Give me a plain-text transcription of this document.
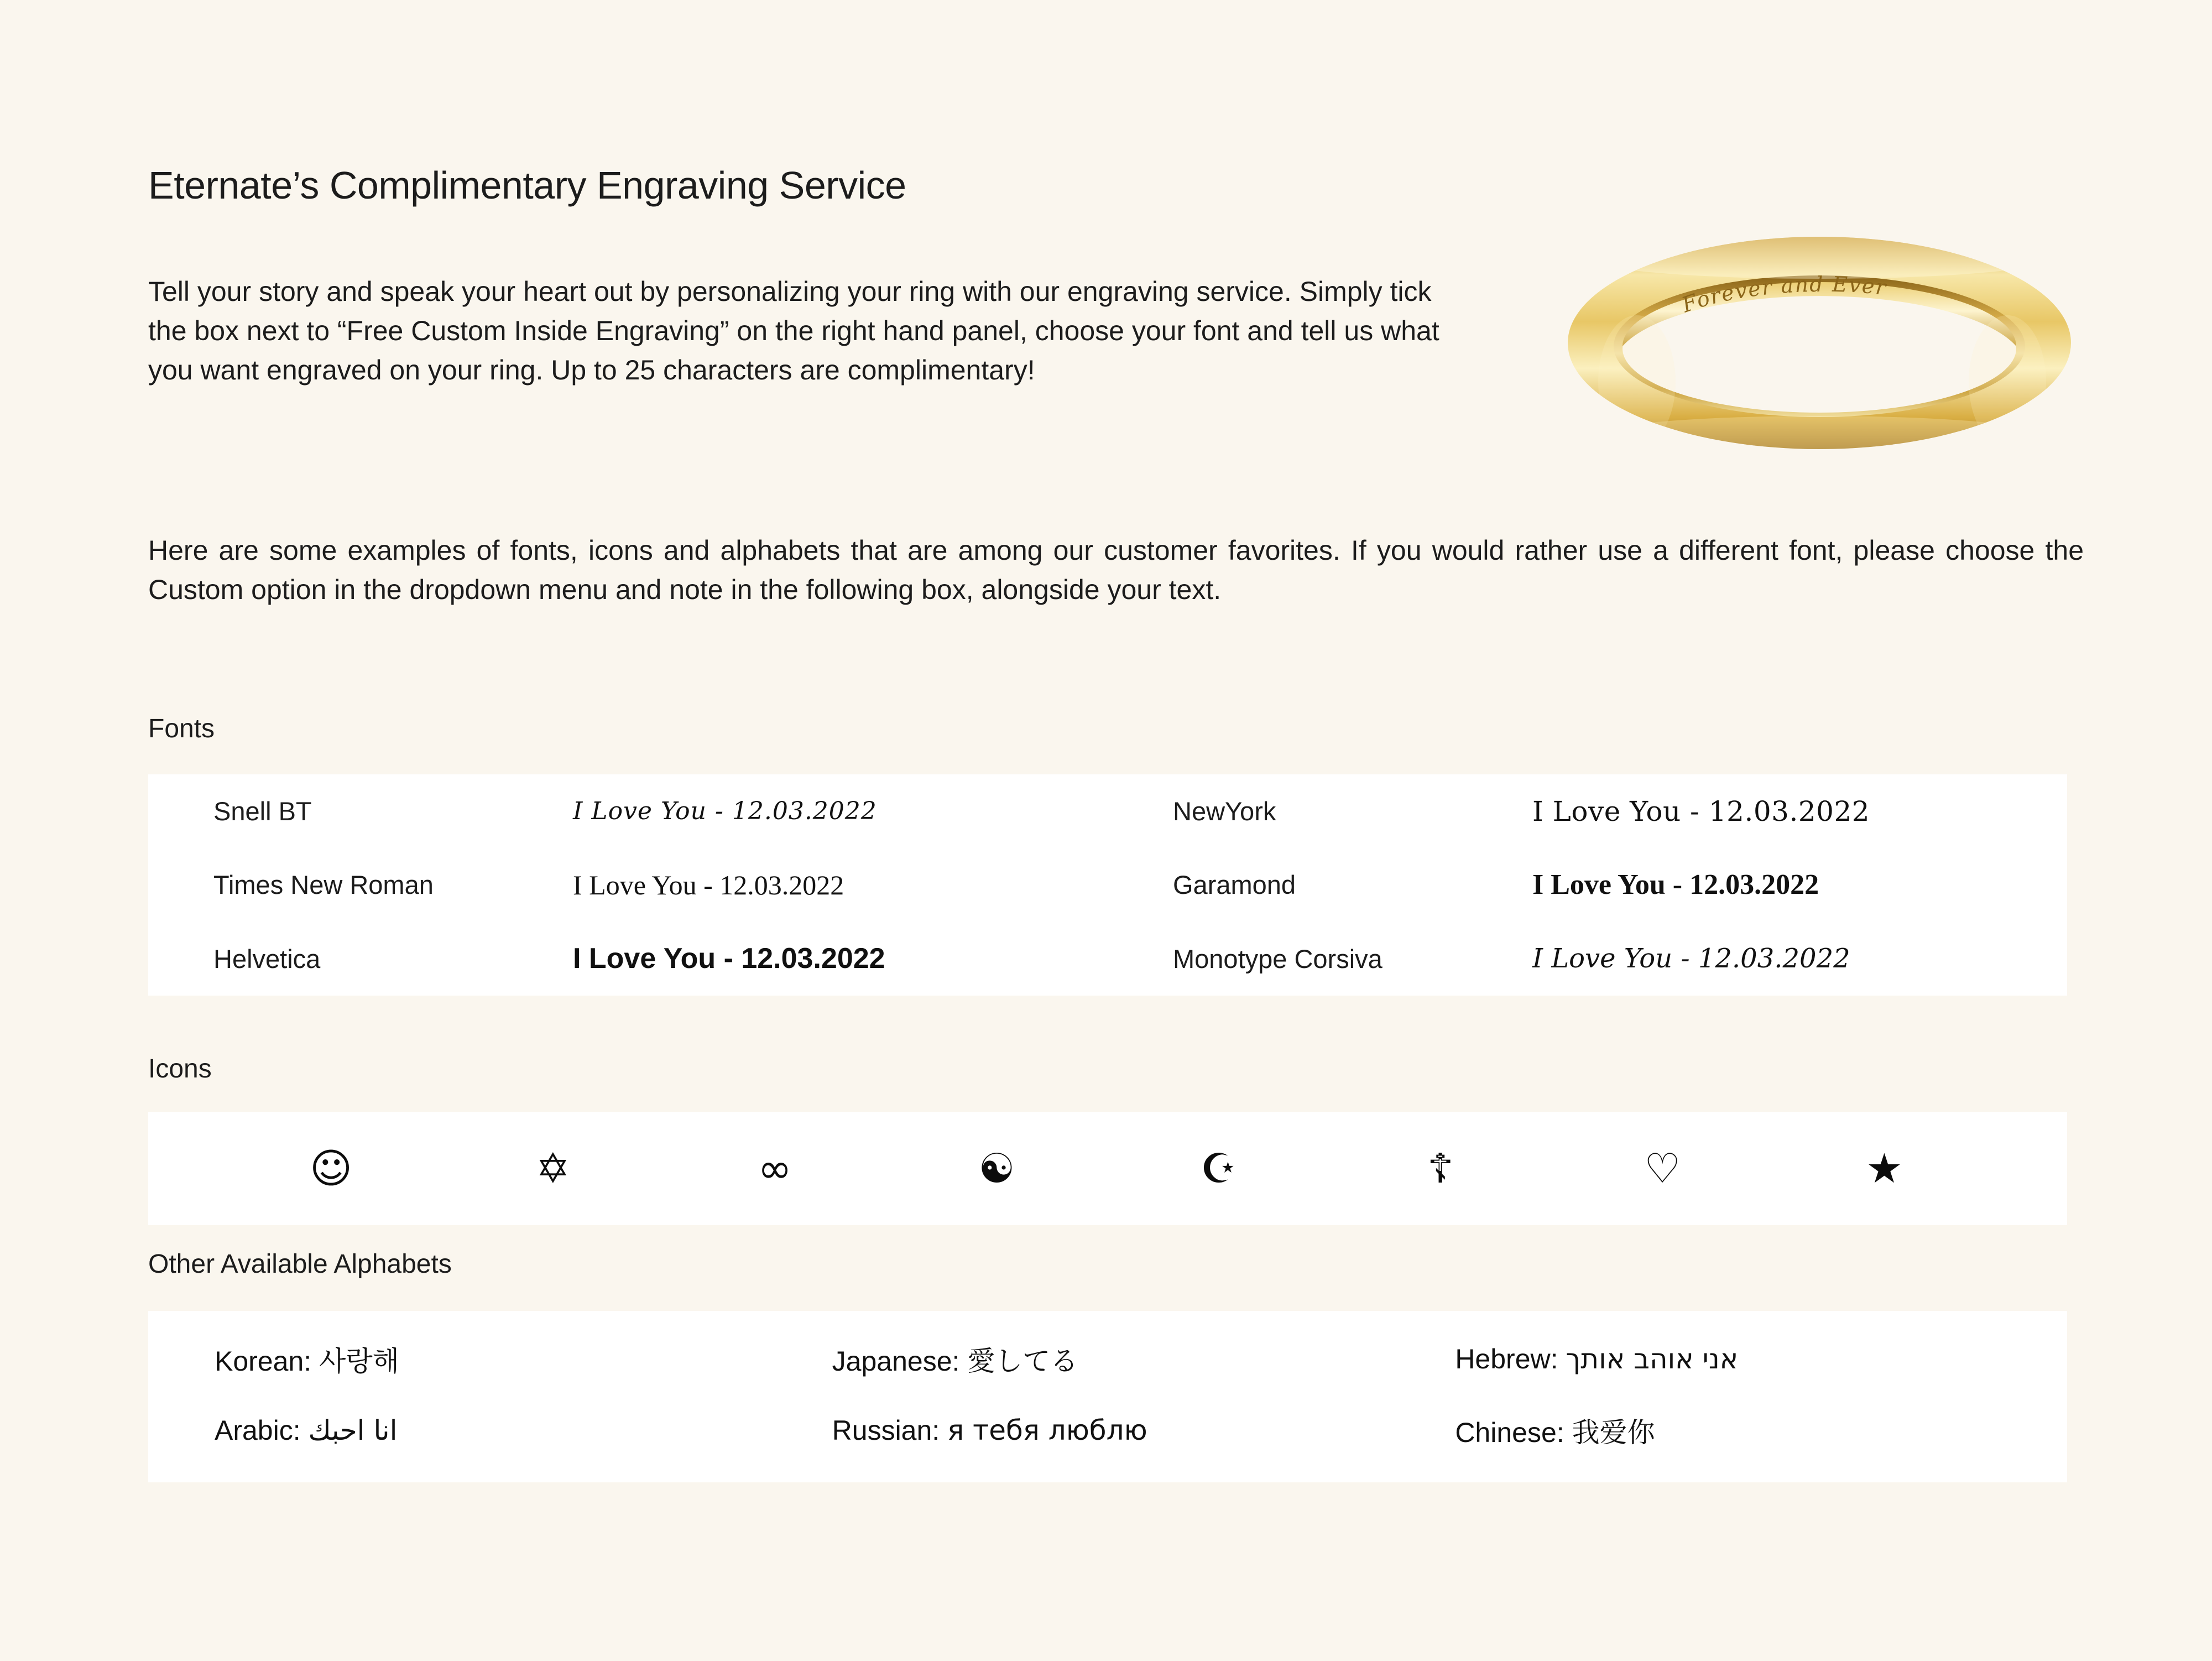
Eternate’s Complimentary Engraving Service

Tell your story and speak your heart out by personalizing your ring with our engraving service. Simply tick the box next to “Free Custom Inside Engraving” on the right hand panel, choose your font and tell us what you want engraved on your ring. Up to 25 characters are complimentary!

Here are some examples of fonts, icons and alphabets that are among our customer favorites. If you would rather use a different font, please choose the Custom option in the dropdown menu and note in the following box, alongside your text.

Forever and Ever
Fonts
Snell BT	I Love You - 12.03.2022	NewYork	I Love You - 12.03.2022
Times New Roman	I Love You - 12.03.2022	Garamond	I Love You - 12.03.2022
Helvetica	I Love You - 12.03.2022	Monotype Corsiva	I Love You - 12.03.2022
Icons
☺	✡	∞	☯	☪	☦	♡	★
Other Available Alphabets
Korean: 사랑해	Japanese: 愛してる	Hebrew: אני אוהב אותך
Arabic: انا احبك	Russian: я тебя люблю	Chinese: 我爱你
